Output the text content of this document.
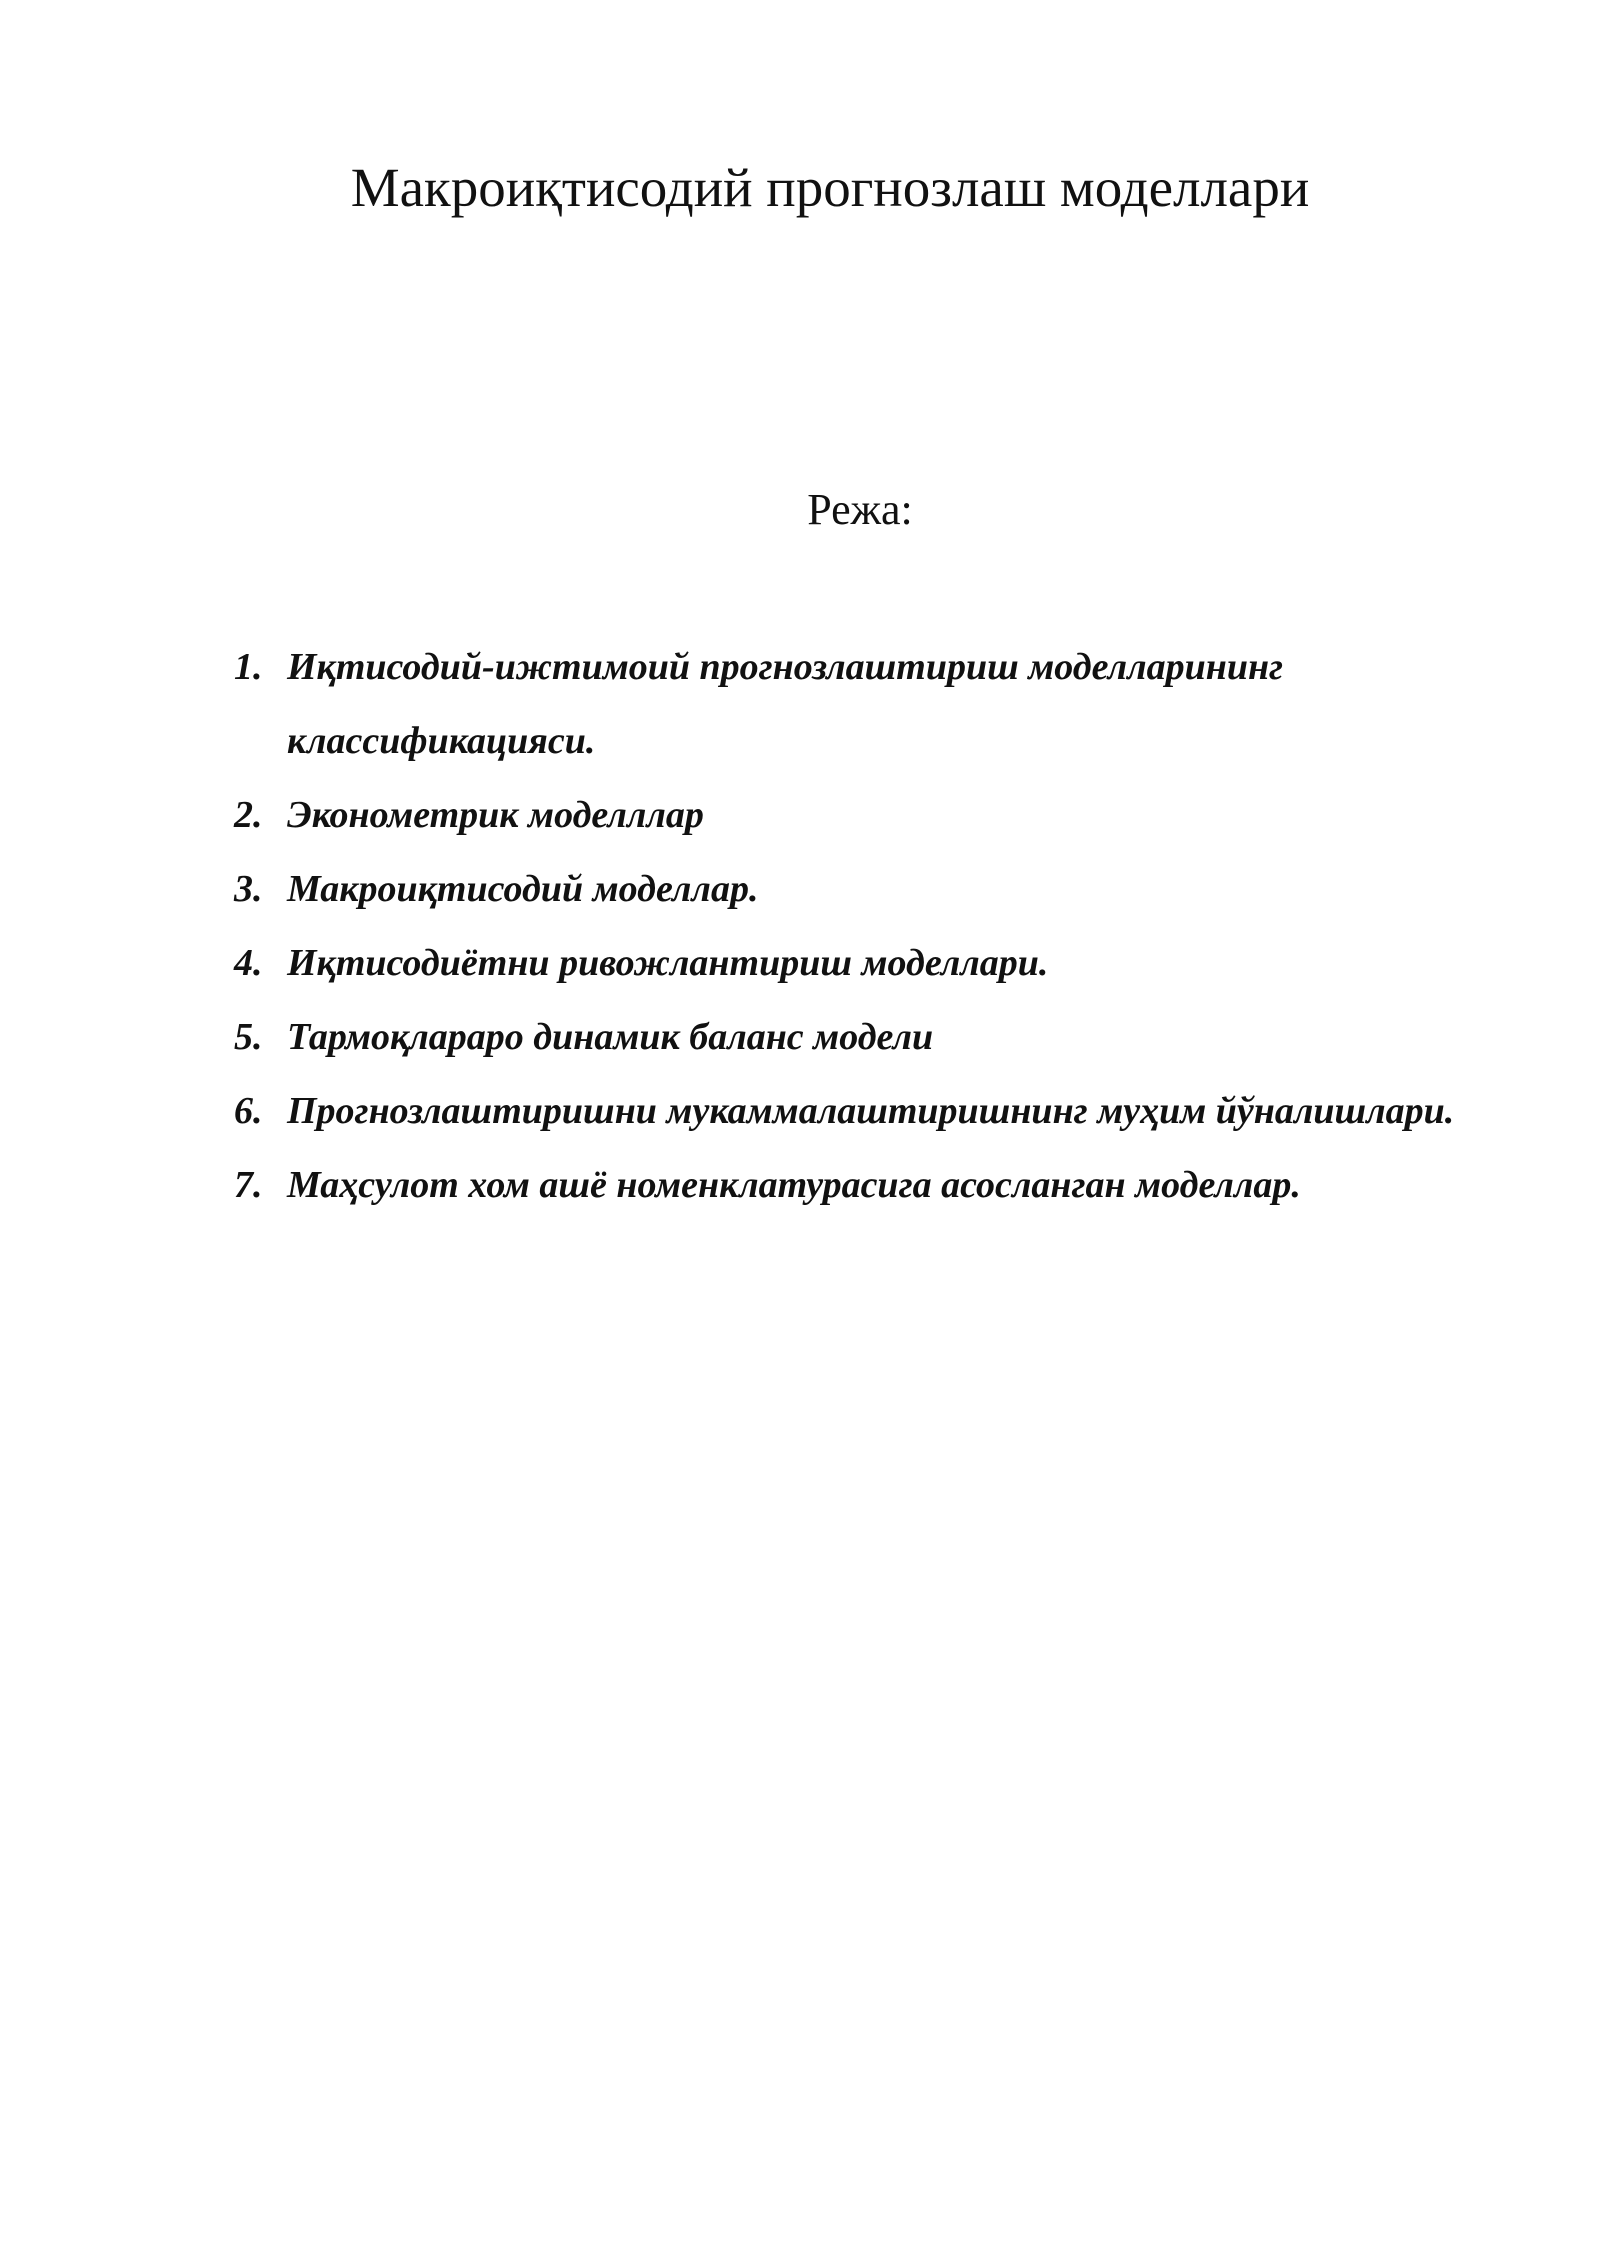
Макроиқтисодий прогнозлаш моделлари
Режа:
1. Иқтисодий-ижтимоий прогнозлаштириш моделларининг классификацияси.
2. Эконометрик моделллар
3. Макроиқтисодий моделлар.
4. Иқтисодиётни ривожлантириш моделлари.
5. Тармоқлараро динамик баланс модели
6. Прогнозлаштиришни мукаммалаштиришнинг муҳим йўналишлари.
7. Маҳсулот хом ашё номенклатурасига асосланган моделлар.
